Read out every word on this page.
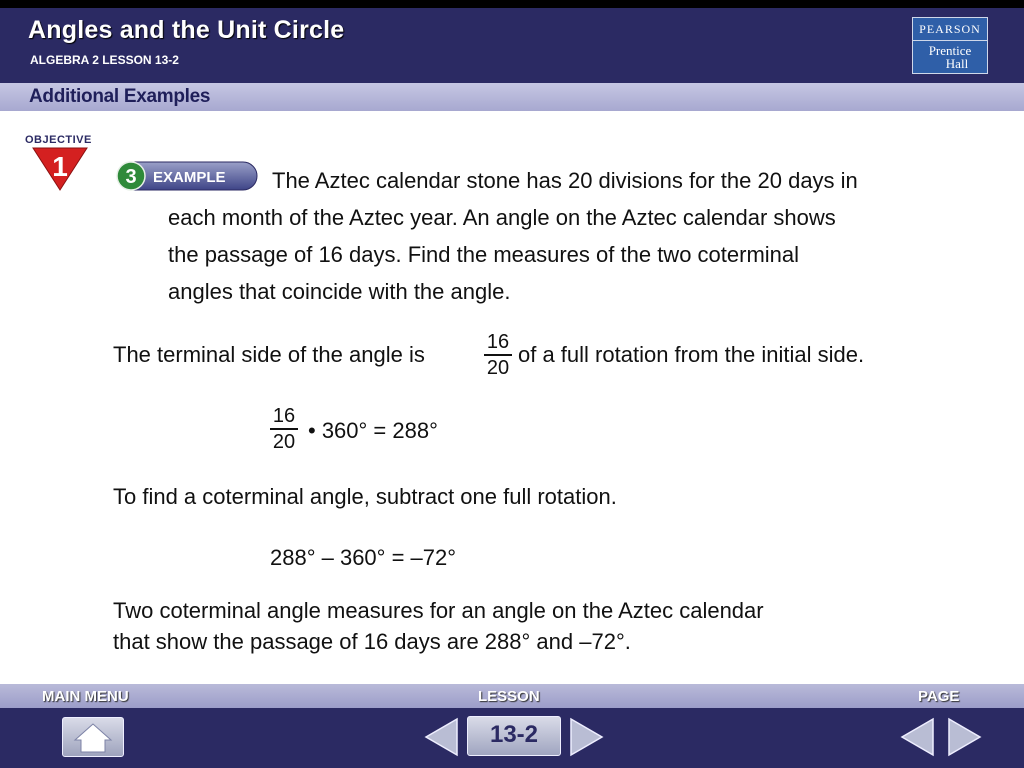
Angles and the Unit Circle
ALGEBRA 2 LESSON 13-2
PEARSON
Prentice
Hall
Additional Examples
OBJECTIVE
1	3 EXAMPLE The Aztec calendar stone has 20 divisions for the 20 days in
each month of the Aztec year. An angle on the Aztec calendar shows
the passage of 16 days. Find the measures of the two coterminal
angles that coincide with the angle.
The terminal side of the angle is	16
20
of a full rotation from the initial side.
16
20 • 360° = 288°
To find a coterminal angle, subtract one full rotation.
288° – 360° = –72°
Two coterminal angle measures for an angle on the Aztec calendar
that show the passage of 16 days are 288° and –72°.
MAIN MENU	LESSON	PAGE
13-2
